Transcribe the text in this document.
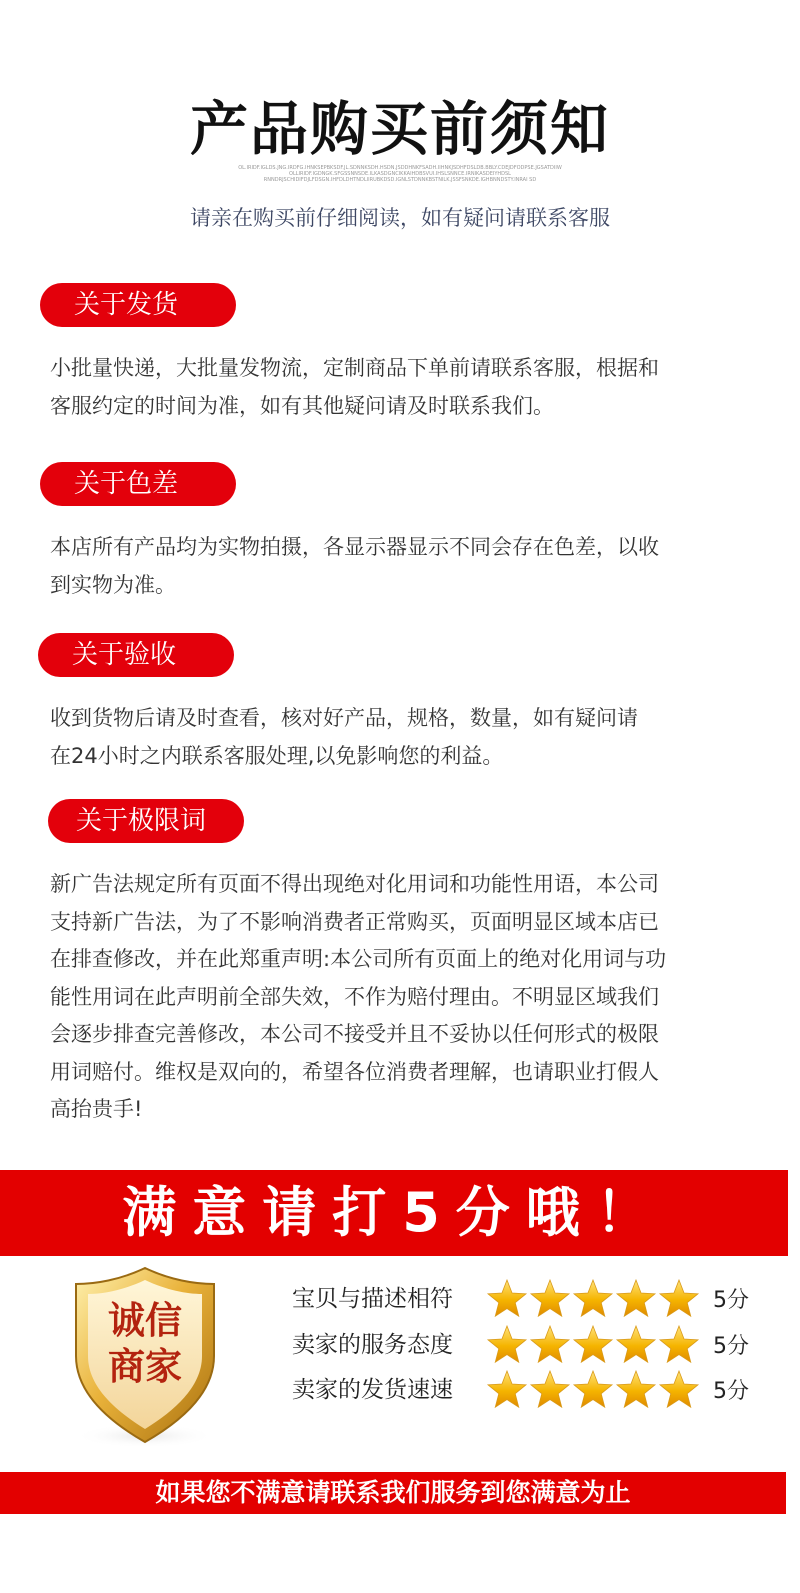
产品购买前须知
OL.IRIDF.IGLDS.JNG.IRDFG.IHNKSEPBKSDF.JL.SDNNKSDH.HSDN.JSDDHNKFSADH.IIHNKJSDHFDSLDB.BBLY.CDEJDFODPSE.JGSATDIIW
OLLIRIDF.IGDNGK.SFGSSNNSDE.ILKASDGNCIKKAIHDBSVUI.IHSLSNNCE.IRNIKASDEIYHDSL
RNNDRJSCHIDIFDJLFDSGN.IHFDLDHTNDLIIRUBKDSD.IGNLSTDNNKBSTNILK.JSSFSNKDE.IGHBNNDSTY.INRAI SD
请亲在购买前仔细阅读，如有疑问请联系客服
关于发货
小批量快递，大批量发物流，定制商品下单前请联系客服，根据和
客服约定的时间为准，如有其他疑问请及时联系我们。
关于色差
本店所有产品均为实物拍摄，各显示器显示不同会存在色差，以收
到实物为准。
关于验收
收到货物后请及时查看，核对好产品，规格，数量，如有疑问请
在24小时之内联系客服处理,以免影响您的利益。
关于极限词
新广告法规定所有页面不得出现绝对化用词和功能性用语，本公司
支持新广告法，为了不影响消费者正常购买，页面明显区域本店已
在排查修改，并在此郑重声明:本公司所有页面上的绝对化用词与功
能性用词在此声明前全部失效，不作为赔付理由。不明显区域我们
会逐步排查完善修改，本公司不接受并且不妥协以任何形式的极限
用词赔付。维权是双向的，希望各位消费者理解，也请职业打假人
高抬贵手!
满意请打5分哦！
诚信
商家
宝贝与描述相符	5分
卖家的服务态度	5分
卖家的发货速速	5分
如果您不满意请联系我们服务到您满意为止
